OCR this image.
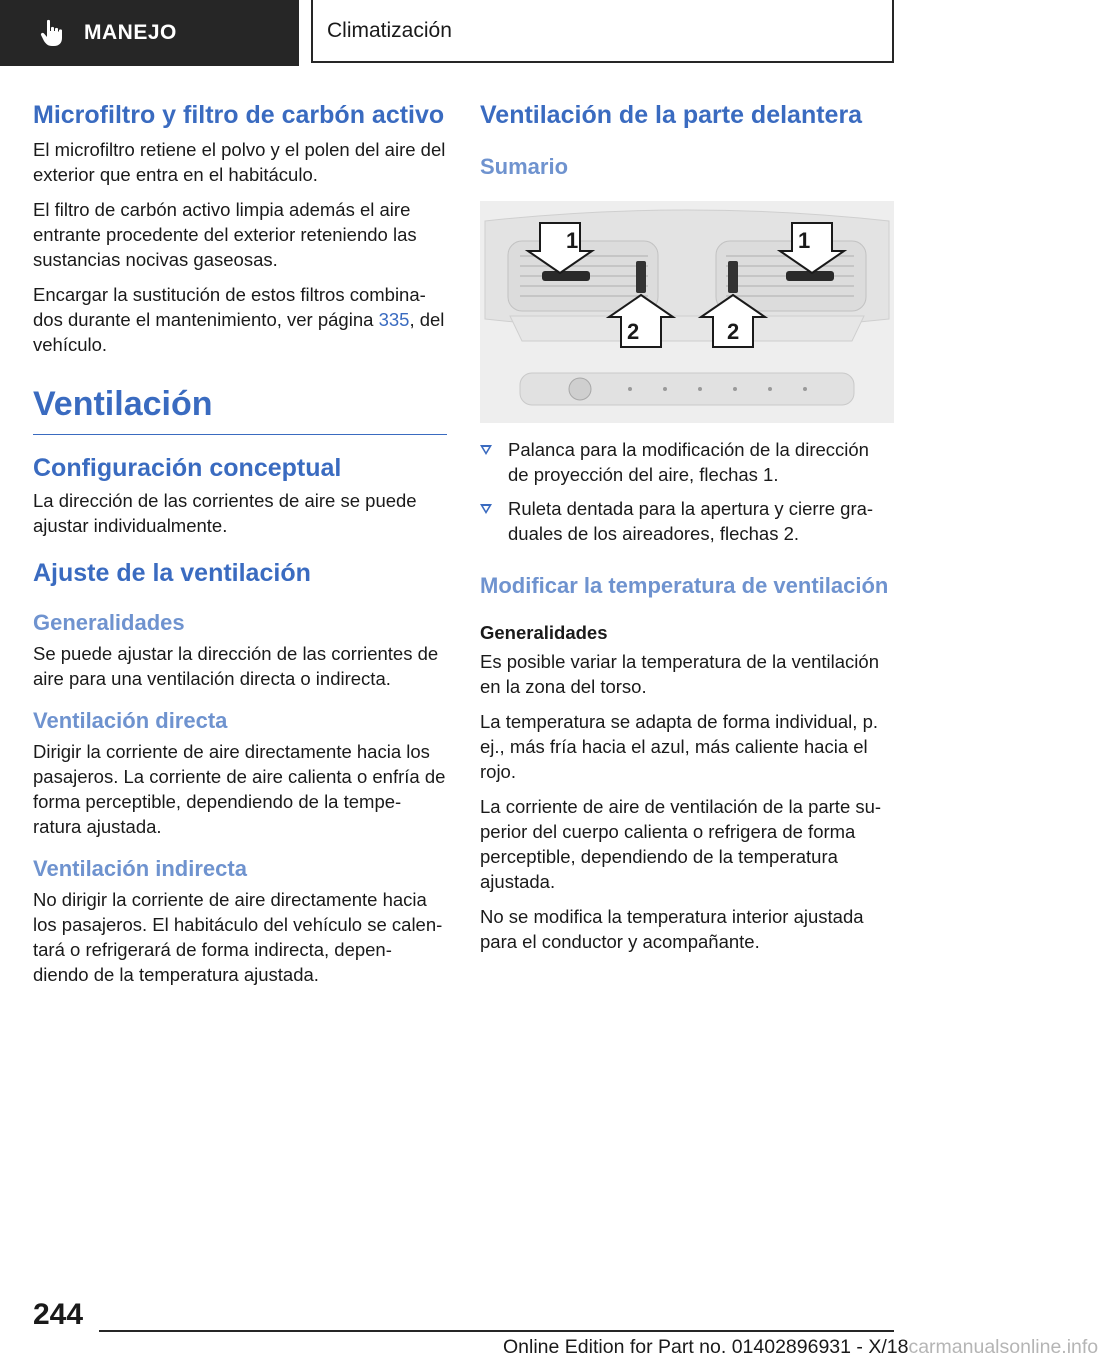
MANEJO	Climatización
Microfiltro y filtro de carbón activo

El microfiltro retiene el polvo y el polen del aire del exterior que entra en el habitáculo.

El filtro de carbón activo limpia además el aire entrante procedente del exterior reteniendo las sustancias nocivas gaseosas.

Encargar la sustitución de estos filtros combina-dos durante el mantenimiento, ver página 335, del vehículo.

Ventilación
Configuración conceptual

La dirección de las corrientes de aire se puede ajustar individualmente.

Ajuste de la ventilación
Generalidades

Se puede ajustar la dirección de las corrientes de aire para una ventilación directa o indirecta.

Ventilación directa

Dirigir la corriente de aire directamente hacia los pasajeros. La corriente de aire calienta o enfría de forma perceptible, dependiendo de la tempe-ratura ajustada.

Ventilación indirecta

No dirigir la corriente de aire directamente hacia los pasajeros. El habitáculo del vehículo se calen-tará o refrigerará de forma indirecta, depen-diendo de la temperatura ajustada.

Ventilación de la parte delantera
Sumario
1	1
2	2
Palanca para la modificación de la dirección de proyección del aire, flechas 1.
Ruleta dentada para la apertura y cierre gra-duales de los aireadores, flechas 2.
Modificar la temperatura de ventilación
Generalidades

Es posible variar la temperatura de la ventilación en la zona del torso.

La temperatura se adapta de forma individual, p. ej., más fría hacia el azul, más caliente hacia el rojo.

La corriente de aire de ventilación de la parte su-perior del cuerpo calienta o refrigera de forma perceptible, dependiendo de la temperatura ajustada.

No se modifica la temperatura interior ajustada para el conductor y acompañante.

244
Online Edition for Part no. 01402896931 - X/18carmanualsonline.info
